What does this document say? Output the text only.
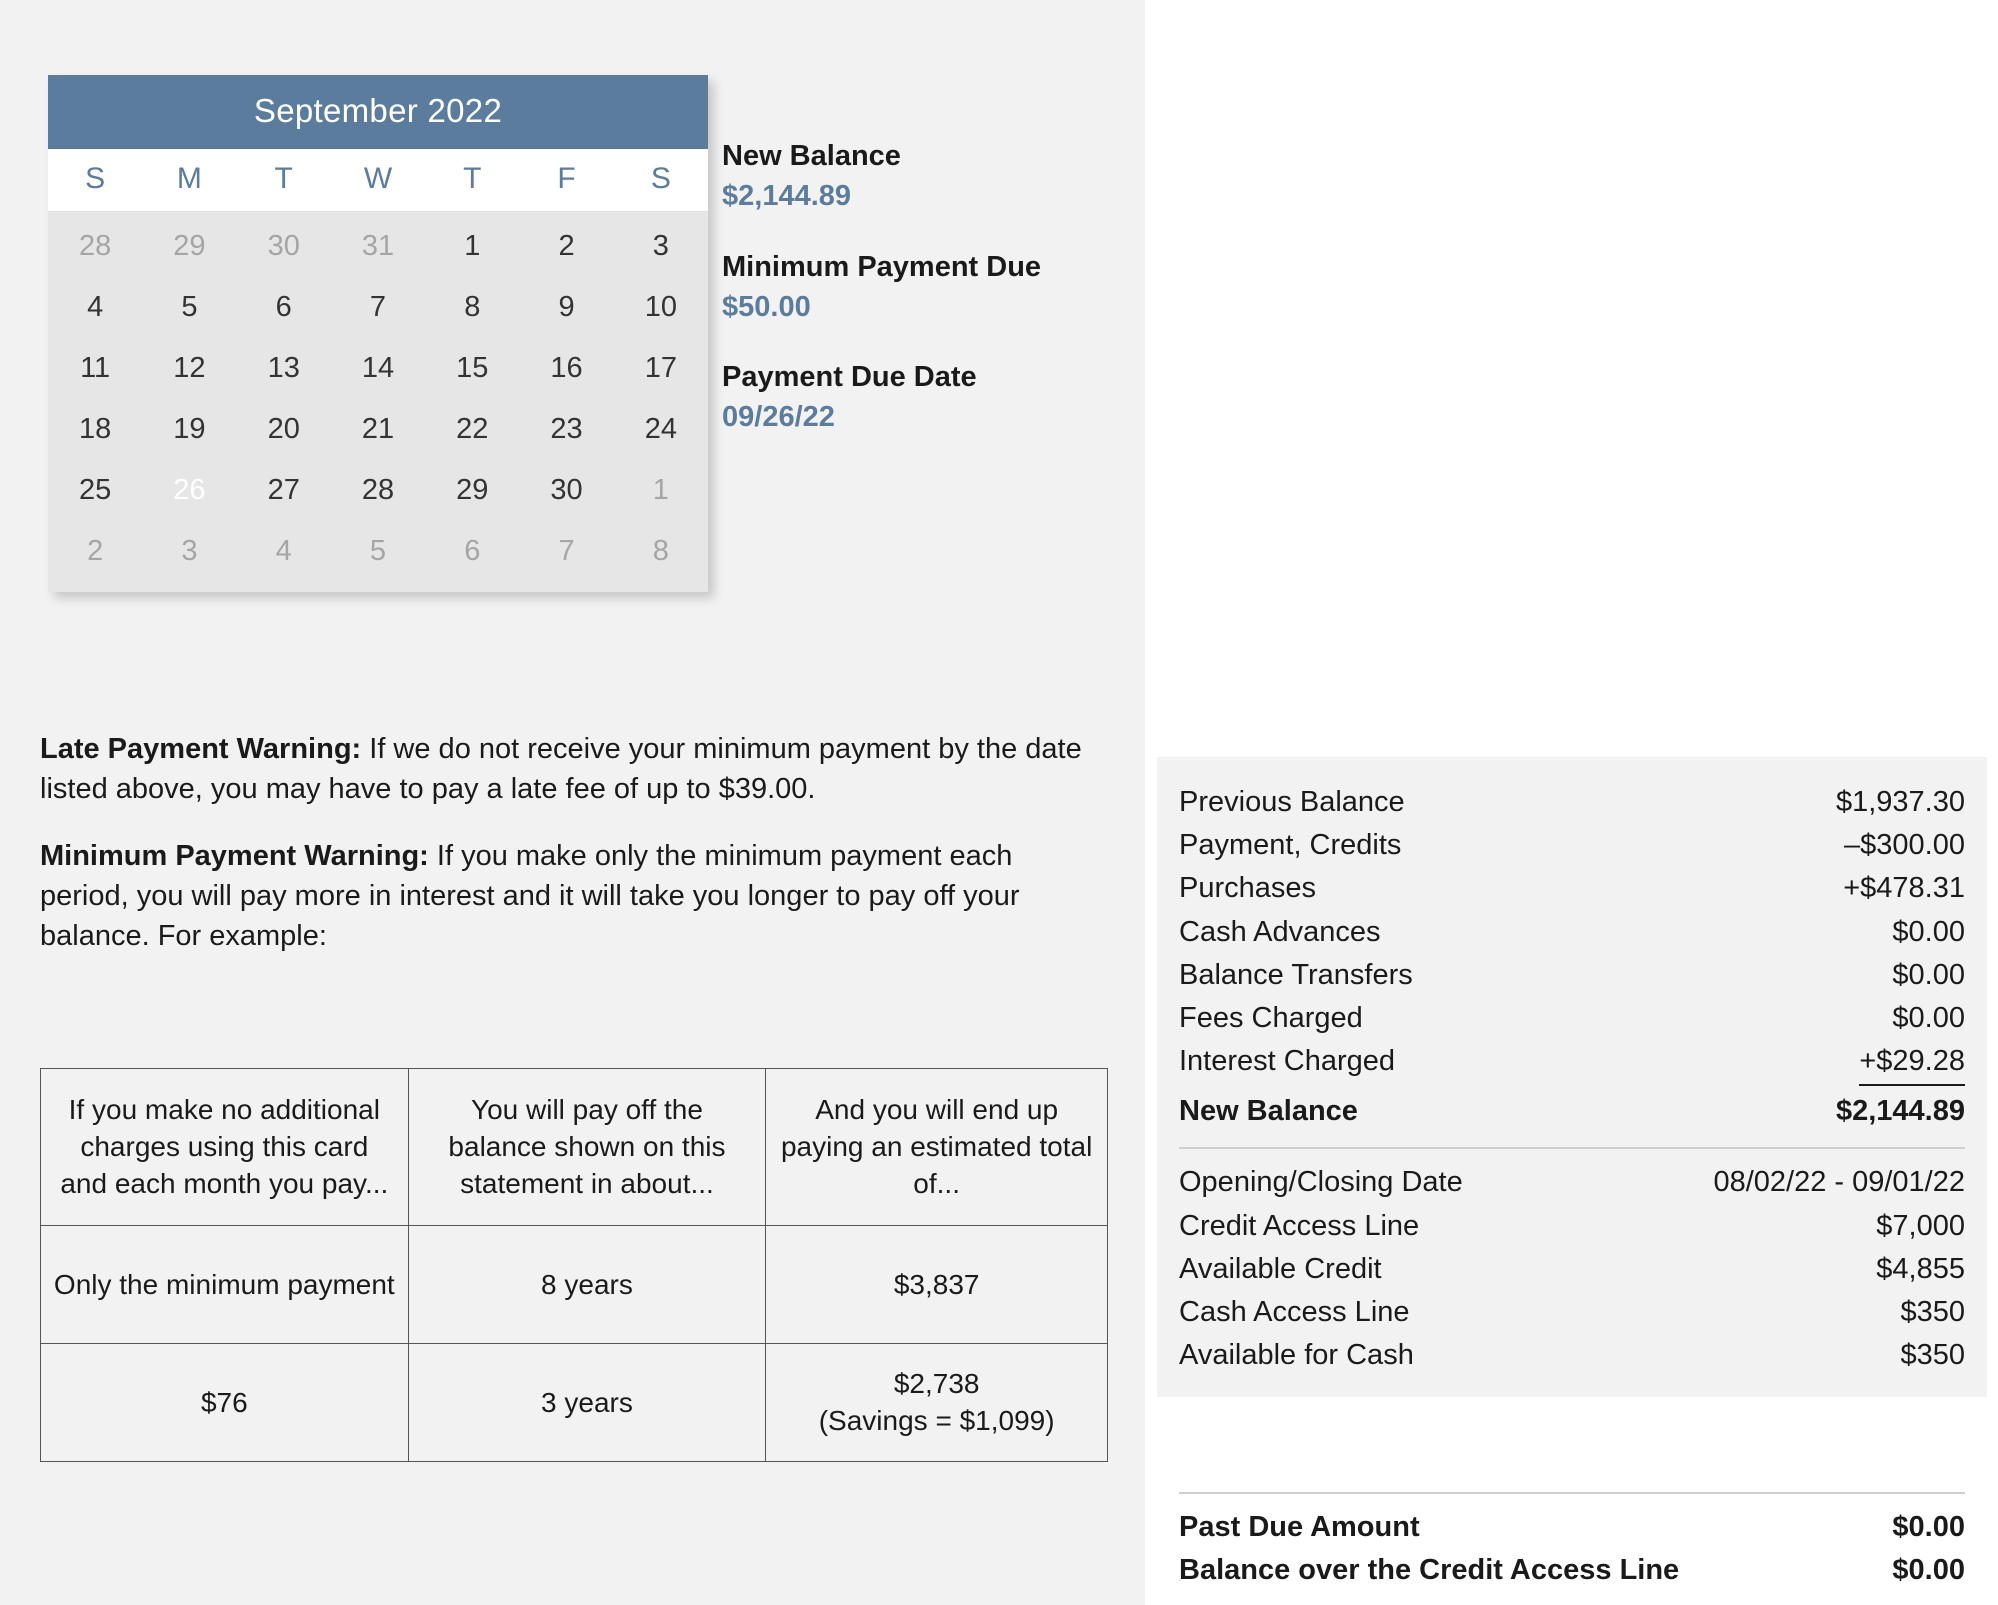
September 2022
S	M	T	W	T	F	S
28	29	30	31	1	2	3
4	5	6	7	8	9	10
11	12	13	14	15	16	17
18	19	20	21	22	23	24
25	26	27	28	29	30	1
2	3	4	5	6	7	8
New Balance
$2,144.89
Minimum Payment Due
$50.00
Payment Due Date
09/26/22

Late Payment Warning: If we do not receive your minimum payment by the date listed above, you may have to pay a late fee of up to $39.00.

Minimum Payment Warning: If you make only the minimum payment each period, you will pay more in interest and it will take you longer to pay off your balance. For example:

If you make no additional charges using this card and each month you pay...	You will pay off the balance shown on this statement in about...	And you will end up paying an estimated total of...
Only the minimum payment	8 years	$3,837
$76	3 years	$2,738
(Savings = $1,099)
Previous Balance	$1,937.30
Payment, Credits	–$300.00
Purchases	+$478.31
Cash Advances	$0.00
Balance Transfers	$0.00
Fees Charged	$0.00
Interest Charged	+$29.28
New Balance	$2,144.89
Opening/Closing Date	08/02/22 - 09/01/22
Credit Access Line	$7,000
Available Credit	$4,855
Cash Access Line	$350
Available for Cash	$350
Past Due Amount	$0.00
Balance over the Credit Access Line	$0.00
